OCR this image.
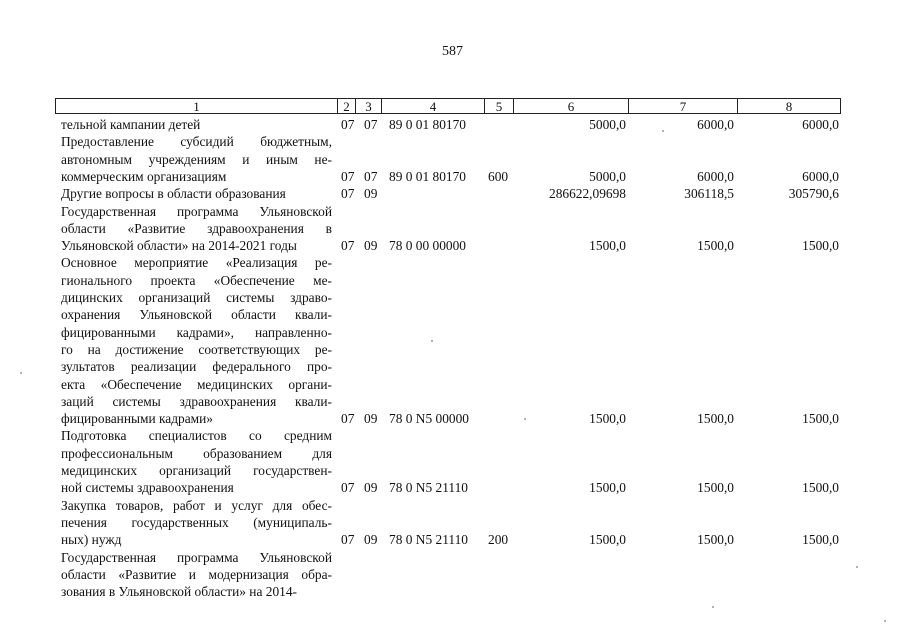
587
1	2	3	4	5	6	7	8
тельной кампании детей	07 07 89 0 01 80170	5000,0	6000,0	6000,0
Предоставление субсидий бюджетным,
автономным учреждениям и иным не-
коммерческим организациям	07 07 89 0 01 80170	600	5000,0	6000,0	6000,0
Другие вопросы в области образования	07 09	286622,09698	306118,5	305790,6
Государственная программа Ульяновской
области «Развитие здравоохранения в
Ульяновской области» на 2014-2021 годы	07 09 78 0 00 00000	1500,0	1500,0	1500,0
Основное мероприятие «Реализация ре-
гионального проекта «Обеспечение ме-
дицинских организаций системы здраво-
охранения Ульяновской области квали-
фицированными кадрами», направленно-
го на достижение соответствующих ре-
зультатов реализации федерального про-
екта «Обеспечение медицинских органи-
заций системы здравоохранения квали-
фицированными кадрами»	07 09 78 0 N5 00000	1500,0	1500,0	1500,0
Подготовка специалистов со средним
профессиональным образованием для
медицинских организаций государствен-
ной системы здравоохранения	07 09 78 0 N5 21110	1500,0	1500,0	1500,0
Закупка товаров, работ и услуг для обес-
печения государственных (муниципаль-
ных) нужд	07 09 78 0 N5 21110	200	1500,0	1500,0	1500,0
Государственная программа Ульяновской
области «Развитие и модернизация обра-
зования в Ульяновской области» на 2014-
